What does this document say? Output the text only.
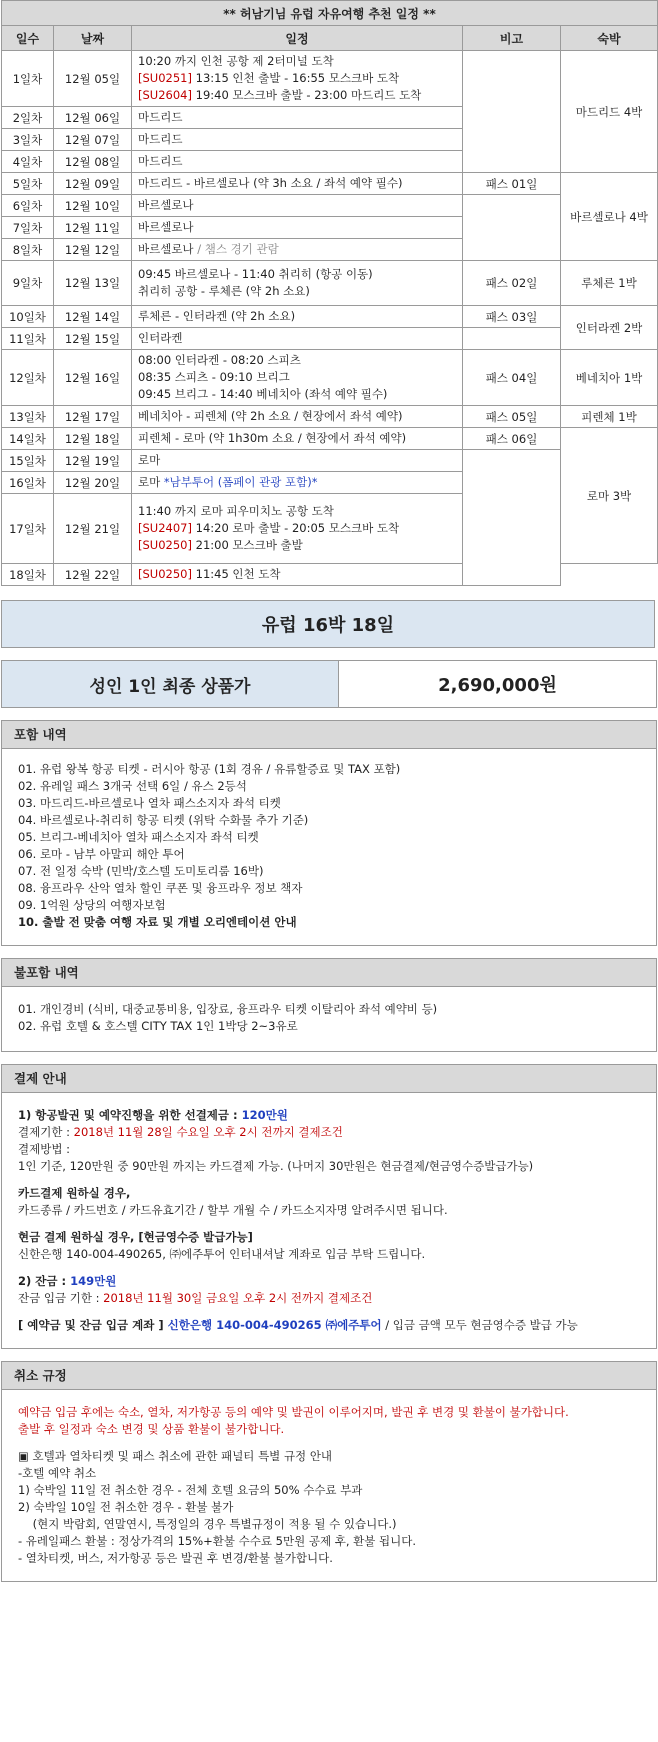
** 허남기님 유럽 자유여행 추천 일정 **				
일수	날짜	일정	비고	숙박
1일차	12월 05일	10:20 까지 인천 공항 제 2터미널 도착
[SU0251] 13:15 인천 출발 - 16:55 모스크바 도착
[SU2604] 19:40 모스크바 출발 - 23:00 마드리드 도착		마드리드 4박
2일차	12월 06일	마드리드		

3일차	12월 07일	마드리드		

4일차	12월 08일	마드리드		

5일차	12월 09일	마드리드 - 바르셀로나 (약 3h 소요 / 좌석 예약 필수)	패스 01일	바르셀로나 4박
6일차	12월 10일	바르셀로나		

7일차	12월 11일	바르셀로나		

8일차	12월 12일	바르셀로나 / 챔스 경기 관람		

9일차	12월 13일	09:45 바르셀로나 - 11:40 취리히 (항공 이동)
취리히 공항 - 루체른 (약 2h 소요)	패스 02일	루체른 1박
10일차	12월 14일	루체른 - 인터라켄 (약 2h 소요)	패스 03일	인터라켄 2박
11일차	12월 15일	인터라켄		

12일차	12월 16일	08:00 인터라켄 - 08:20 스피츠
08:35 스피츠 - 09:10 브리그
09:45 브리그 - 14:40 베네치아 (좌석 예약 필수)	패스 04일	베네치아 1박
13일차	12월 17일	베네치아 - 피렌체 (약 2h 소요 / 현장에서 좌석 예약)	패스 05일	피렌체 1박
14일차	12월 18일	피렌체 - 로마 (약 1h30m 소요 / 현장에서 좌석 예약)	패스 06일	로마 3박
15일차	12월 19일	로마		

16일차	12월 20일	로마 *남부투어 (폼페이 관광 포함)*		

17일차	12월 21일	11:40 까지 로마 피우미치노 공항 도착
[SU2407] 14:20 로마 출발 - 20:05 모스크바 도착
[SU0250] 21:00 모스크바 출발		

18일차	12월 22일	[SU0250] 11:45 인천 도착		
유럽 16박 18일
성인 1인 최종 상품가	2,690,000원
포함 내역

01. 유럽 왕복 항공 티켓 - 러시아 항공 (1회 경유 / 유류할증료 및 TAX 포함)

02. 유레일 패스 3개국 선택 6일 / 유스 2등석

03. 마드리드-바르셀로나 열차 패스소지자 좌석 티켓

04. 바르셀로나-취리히 항공 티켓 (위탁 수화물 추가 기준)

05. 브리그-베네치아 열차 패스소지자 좌석 티켓

06. 로마 - 남부 아말피 해안 투어

07. 전 일정 숙박 (민박/호스텔 도미토리룸 16박)

08. 융프라우 산악 열차 할인 쿠폰 및 융프라우 정보 책자

09. 1억원 상당의 여행자보험

10. 출발 전 맞춤 여행 자료 및 개별 오리엔테이션 안내

불포함 내역

01. 개인경비 (식비, 대중교통비용, 입장료, 융프라우 티켓 이탈리아 좌석 예약비 등)

02. 유럽 호텔 & 호스텔 CITY TAX 1인 1박당 2~3유로

결제 안내

1) 항공발권 및 예약진행을 위한 선결제금 : 120만원

결제기한 : 2018년 11월 28일 수요일 오후 2시 전까지 결제조건

결제방법 :

1인 기준, 120만원 중 90만원 까지는 카드결제 가능. (나머지 30만원은 현금결제/현금영수증발급가능)

카드결제 원하실 경우,

카드종류 / 카드번호 / 카드유효기간 / 할부 개월 수 / 카드소지자명 알려주시면 됩니다.

현금 결제 원하실 경우, [현금영수증 발급가능]

신한은행 140-004-490265, ㈜에주투어 인터내셔날 계좌로 입금 부탁 드립니다.

2) 잔금 : 149만원

잔금 입금 기한 : 2018년 11월 30일 금요일 오후 2시 전까지 결제조건

[ 예약금 및 잔금 입금 계좌 ] 신한은행 140-004-490265 ㈜에주투어 / 입금 금액 모두 현금영수증 발급 가능

취소 규정

예약금 입금 후에는 숙소, 열차, 저가항공 등의 예약 및 발권이 이루어지며, 발권 후 변경 및 환불이 불가합니다.

출발 후 일정과 숙소 변경 및 상품 환불이 불가합니다.

▣ 호텔과 열차티켓 및 패스 취소에 관한 패널티 특별 규정 안내

-호텔 예약 취소

1) 숙박일 11일 전 취소한 경우 - 전체 호텔 요금의 50% 수수료 부과

2) 숙박일 10일 전 취소한 경우 - 환불 불가

(현지 박람회, 연말연시, 특정일의 경우 특별규정이 적용 될 수 있습니다.)

- 유레일패스 환불 : 정상가격의 15%+환불 수수료 5만원 공제 후, 환불 됩니다.

- 열차티켓, 버스, 저가항공 등은 발권 후 변경/환불 불가합니다.
